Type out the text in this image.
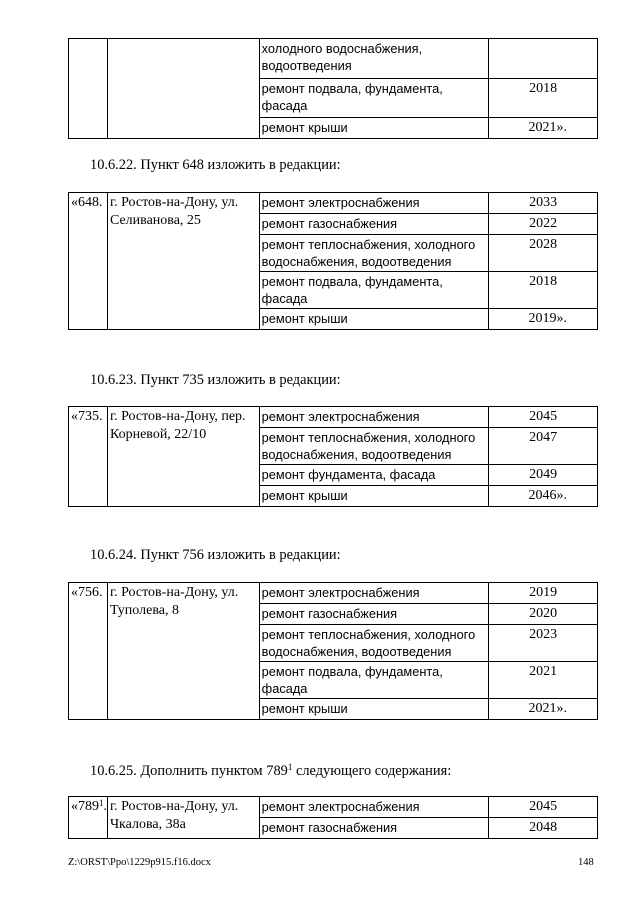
		холодного водоснабжения, водоотведения	
		ремонт подвала, фундамента, фасада	2018
		ремонт крыши	2021».
10.6.22. Пункт 648 изложить в редакции:
«648.	г. Ростов-на-Дону, ул. Селиванова, 25	ремонт электроснабжения	2033
		ремонт газоснабжения	2022
		ремонт теплоснабжения, холодного водоснабжения, водоотведения	2028
		ремонт подвала, фундамента, фасада	2018
		ремонт крыши	2019».
10.6.23. Пункт 735 изложить в редакции:
«735.	г. Ростов-на-Дону, пер. Корневой, 22/10	ремонт электроснабжения	2045
		ремонт теплоснабжения, холодного водоснабжения, водоотведения	2047
		ремонт фундамента, фасада	2049
		ремонт крыши	2046».
10.6.24. Пункт 756 изложить в редакции:
«756.	г. Ростов-на-Дону, ул. Туполева, 8	ремонт электроснабжения	2019
		ремонт газоснабжения	2020
		ремонт теплоснабжения, холодного водоснабжения, водоотведения	2023
		ремонт подвала, фундамента, фасада	2021
		ремонт крыши	2021».
10.6.25. Дополнить пунктом $789^1$ следующего содержания:
«$789^1$.	г. Ростов-на-Дону, ул. Чкалова, 38а	ремонт электроснабжения	2045
		ремонт газоснабжения	2048
Z:\ORST\Ppo\1229p915.f16.docx	148
